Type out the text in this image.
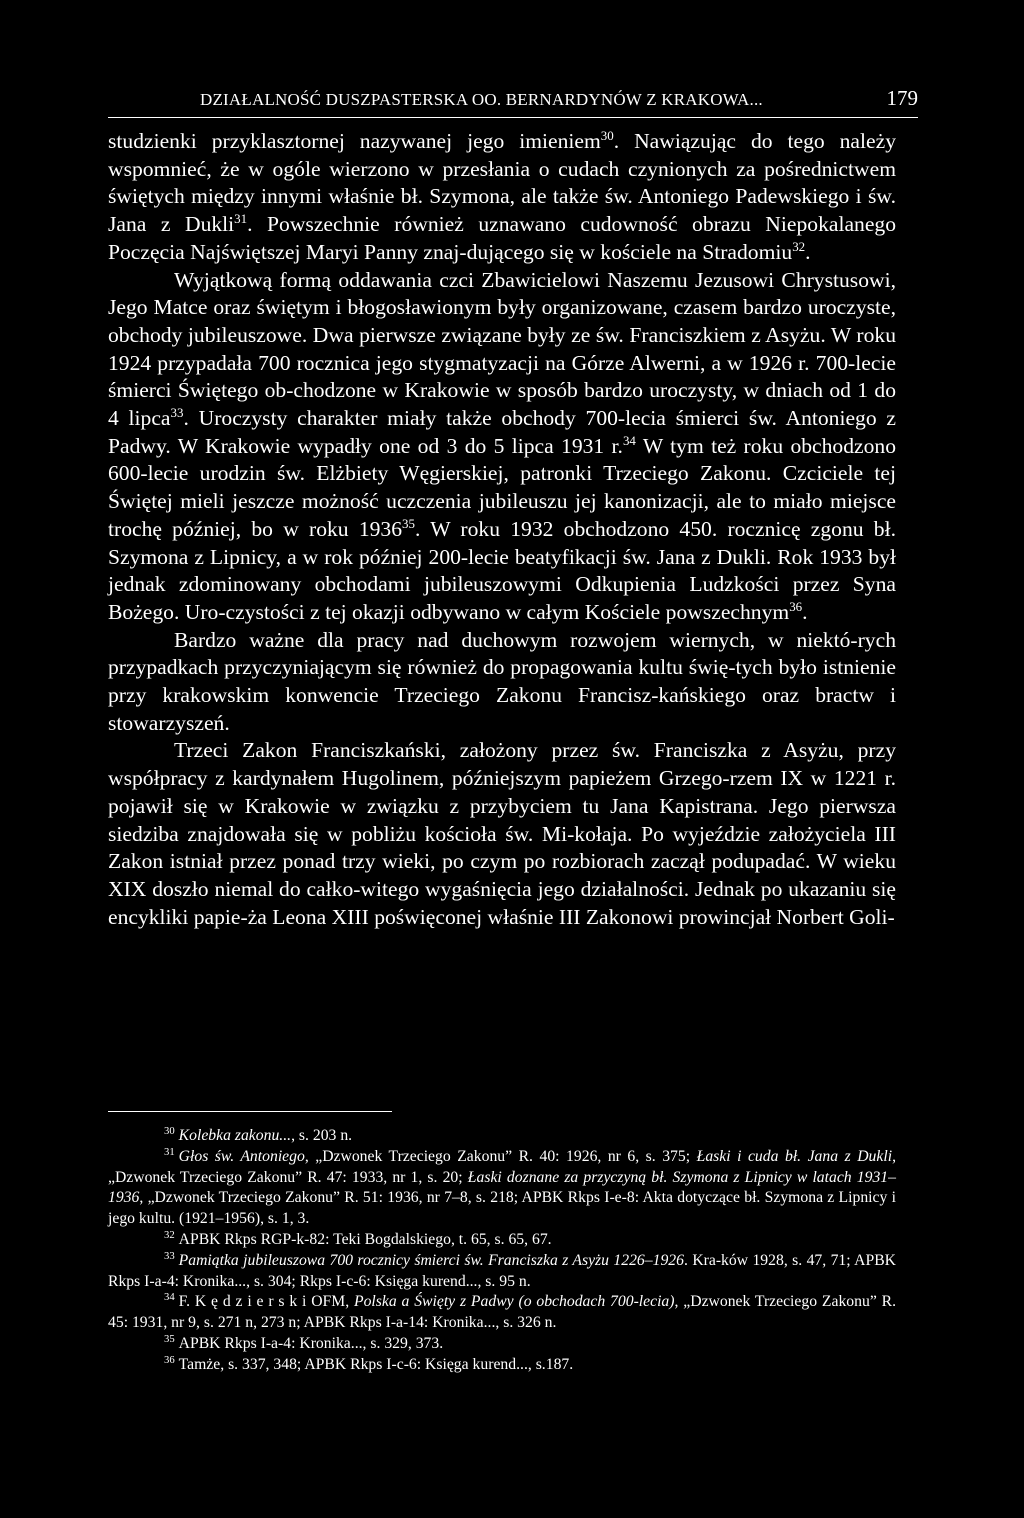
DZIAŁALNOŚĆ DUSZPASTERSKA OO. BERNARDYNÓW Z KRAKOWA...	179

studzienki przyklasztornej nazywanej jego imieniem$^{30}$. Nawiązując do tego należy wspomnieć, że w ogóle wierzono w przesłania o cudach czynionych za pośrednictwem świętych między innymi właśnie bł. Szymona, ale także św. Antoniego Padewskiego i św. Jana z Dukli$^{31}$. Powszechnie również uznawano cudowność obrazu Niepokalanego Poczęcia Najświętszej Maryi Panny znaj-dującego się w kościele na Stradomiu$^{32}$.

Wyjątkową formą oddawania czci Zbawicielowi Naszemu Jezusowi Chrystusowi, Jego Matce oraz świętym i błogosławionym były organizowane, czasem bardzo uroczyste, obchody jubileuszowe. Dwa pierwsze związane były ze św. Franciszkiem z Asyżu. W roku 1924 przypadała 700 rocznica jego stygmatyzacji na Górze Alwerni, a w 1926 r. 700-lecie śmierci Świętego ob-chodzone w Krakowie w sposób bardzo uroczysty, w dniach od 1 do 4 lipca$^{33}$. Uroczysty charakter miały także obchody 700-lecia śmierci św. Antoniego z Padwy. W Krakowie wypadły one od 3 do 5 lipca 1931 r.$^{34}$ W tym też roku obchodzono 600-lecie urodzin św. Elżbiety Węgierskiej, patronki Trzeciego Zakonu. Czciciele tej Świętej mieli jeszcze możność uczczenia jubileuszu jej kanonizacji, ale to miało miejsce trochę później, bo w roku 1936$^{35}$. W roku 1932 obchodzono 450. rocznicę zgonu bł. Szymona z Lipnicy, a w rok później 200-lecie beatyfikacji św. Jana z Dukli. Rok 1933 był jednak zdominowany obchodami jubileuszowymi Odkupienia Ludzkości przez Syna Bożego. Uro-czystości z tej okazji odbywano w całym Kościele powszechnym$^{36}$.

Bardzo ważne dla pracy nad duchowym rozwojem wiernych, w niektó-rych przypadkach przyczyniającym się również do propagowania kultu świę-tych było istnienie przy krakowskim konwencie Trzeciego Zakonu Francisz-kańskiego oraz bractw i stowarzyszeń.

Trzeci Zakon Franciszkański, założony przez św. Franciszka z Asyżu, przy współpracy z kardynałem Hugolinem, późniejszym papieżem Grzego-rzem IX w 1221 r. pojawił się w Krakowie w związku z przybyciem tu Jana Kapistrana. Jego pierwsza siedziba znajdowała się w pobliżu kościoła św. Mi-kołaja. Po wyjeździe założyciela III Zakon istniał przez ponad trzy wieki, po czym po rozbiorach zaczął podupadać. W wieku XIX doszło niemal do całko-witego wygaśnięcia jego działalności. Jednak po ukazaniu się encykliki papie-ża Leona XIII poświęconej właśnie III Zakonowi prowincjał Norbert Goli-

$^{30}$ Kolebka zakonu..., s. 203 n.

$^{31}$ Głos św. Antoniego, „Dzwonek Trzeciego Zakonu” R. 40: 1926, nr 6, s. 375; Łaski i cuda bł. Jana z Dukli, „Dzwonek Trzeciego Zakonu” R. 47: 1933, nr 1, s. 20; Łaski doznane za przyczyną bł. Szymona z Lipnicy w latach 1931–1936, „Dzwonek Trzeciego Zakonu” R. 51: 1936, nr 7–8, s. 218; APBK Rkps I-e-8: Akta dotyczące bł. Szymona z Lipnicy i jego kultu. (1921–1956), s. 1, 3.

$^{32}$ APBK Rkps RGP-k-82: Teki Bogdalskiego, t. 65, s. 65, 67.

$^{33}$ Pamiątka jubileuszowa 700 rocznicy śmierci św. Franciszka z Asyżu 1226–1926. Kra-ków 1928, s. 47, 71; APBK Rkps I-a-4: Kronika..., s. 304; Rkps I-c-6: Księga kurend..., s. 95 n.

$^{34}$ F. K ę d z i e r s k i OFM, Polska a Święty z Padwy (o obchodach 700-lecia), „Dzwonek Trzeciego Zakonu” R. 45: 1931, nr 9, s. 271 n, 273 n; APBK Rkps I-a-14: Kronika..., s. 326 n.

$^{35}$ APBK Rkps I-a-4: Kronika..., s. 329, 373.

$^{36}$ Tamże, s. 337, 348; APBK Rkps I-c-6: Księga kurend..., s.187.
